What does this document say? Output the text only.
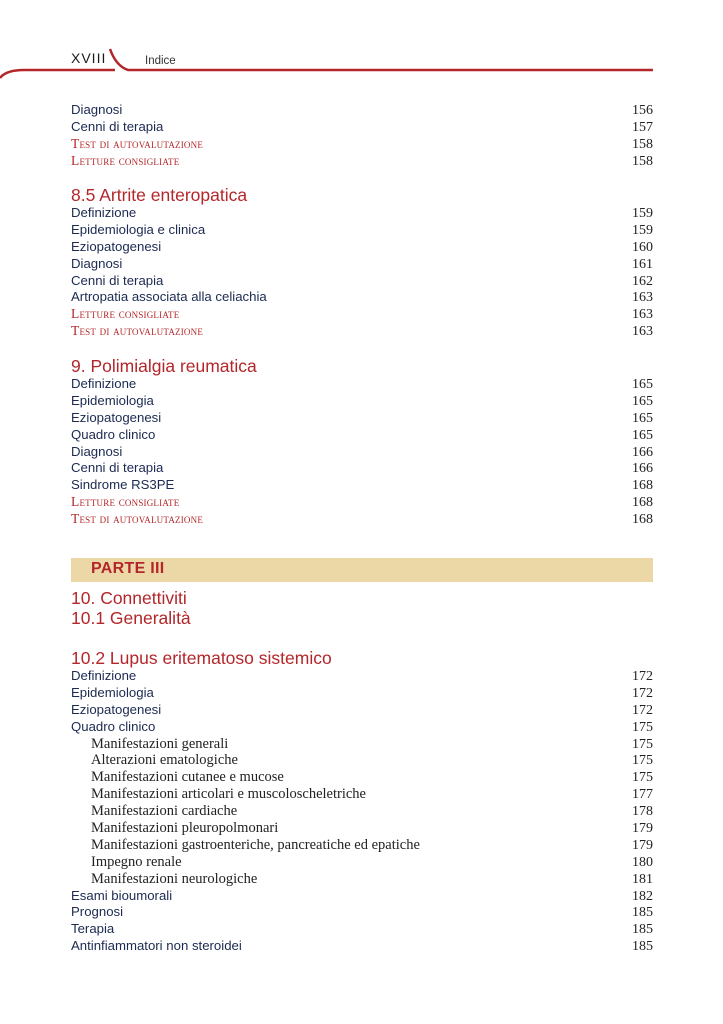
XVIII	Indice
Diagnosi	156
Cenni di terapia	157
Test di autovalutazione	158
Letture consigliate	158
8.5 Artrite enteropatica
Definizione	159
Epidemiologia e clinica	159
Eziopatogenesi	160
Diagnosi	161
Cenni di terapia	162
Artropatia associata alla celiachia	163
Letture consigliate	163
Test di autovalutazione	163
9. Polimialgia reumatica
Definizione	165
Epidemiologia	165
Eziopatogenesi	165
Quadro clinico	165
Diagnosi	166
Cenni di terapia	166
Sindrome RS3PE	168
Letture consigliate	168
Test di autovalutazione	168
PARTE III
10. Connettiviti
10.1 Generalità
10.2 Lupus eritematoso sistemico
Definizione	172
Epidemiologia	172
Eziopatogenesi	172
Quadro clinico	175
Manifestazioni generali	175
Alterazioni ematologiche	175
Manifestazioni cutanee e mucose	175
Manifestazioni articolari e muscoloscheletriche	177
Manifestazioni cardiache	178
Manifestazioni pleuropolmonari	179
Manifestazioni gastroenteriche, pancreatiche ed epatiche	179
Impegno renale	180
Manifestazioni neurologiche	181
Esami bioumorali	182
Prognosi	185
Terapia	185
Antinfiammatori non steroidei	185
